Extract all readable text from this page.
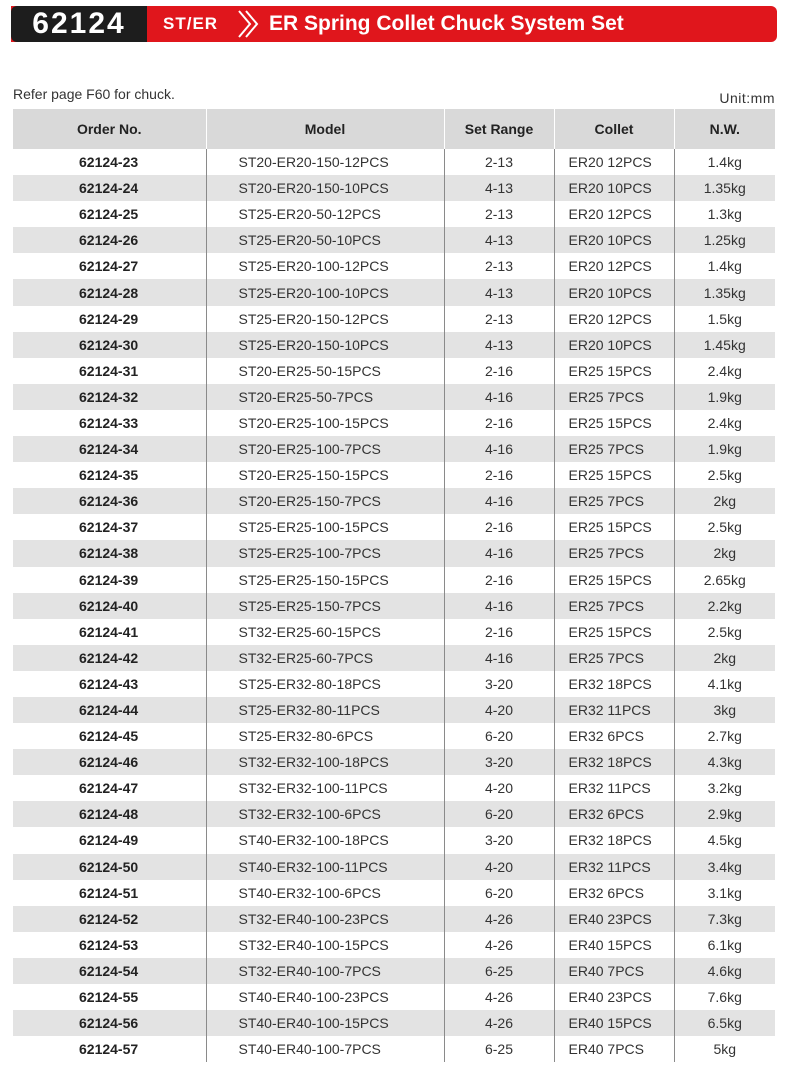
62124	ST/ER ER Spring Collet Chuck System Set
Refer page F60 for chuck.	Unit:mm
Order No.	Model	Set Range	Collet	N.W.
62124-23	ST20-ER20-150-12PCS	2-13	ER20 12PCS	1.4kg
62124-24	ST20-ER20-150-10PCS	4-13	ER20 10PCS	1.35kg
62124-25	ST25-ER20-50-12PCS	2-13	ER20 12PCS	1.3kg
62124-26	ST25-ER20-50-10PCS	4-13	ER20 10PCS	1.25kg
62124-27	ST25-ER20-100-12PCS	2-13	ER20 12PCS	1.4kg
62124-28	ST25-ER20-100-10PCS	4-13	ER20 10PCS	1.35kg
62124-29	ST25-ER20-150-12PCS	2-13	ER20 12PCS	1.5kg
62124-30	ST25-ER20-150-10PCS	4-13	ER20 10PCS	1.45kg
62124-31	ST20-ER25-50-15PCS	2-16	ER25 15PCS	2.4kg
62124-32	ST20-ER25-50-7PCS	4-16	ER25 7PCS	1.9kg
62124-33	ST20-ER25-100-15PCS	2-16	ER25 15PCS	2.4kg
62124-34	ST20-ER25-100-7PCS	4-16	ER25 7PCS	1.9kg
62124-35	ST20-ER25-150-15PCS	2-16	ER25 15PCS	2.5kg
62124-36	ST20-ER25-150-7PCS	4-16	ER25 7PCS	2kg
62124-37	ST25-ER25-100-15PCS	2-16	ER25 15PCS	2.5kg
62124-38	ST25-ER25-100-7PCS	4-16	ER25 7PCS	2kg
62124-39	ST25-ER25-150-15PCS	2-16	ER25 15PCS	2.65kg
62124-40	ST25-ER25-150-7PCS	4-16	ER25 7PCS	2.2kg
62124-41	ST32-ER25-60-15PCS	2-16	ER25 15PCS	2.5kg
62124-42	ST32-ER25-60-7PCS	4-16	ER25 7PCS	2kg
62124-43	ST25-ER32-80-18PCS	3-20	ER32 18PCS	4.1kg
62124-44	ST25-ER32-80-11PCS	4-20	ER32 11PCS	3kg
62124-45	ST25-ER32-80-6PCS	6-20	ER32 6PCS	2.7kg
62124-46	ST32-ER32-100-18PCS	3-20	ER32 18PCS	4.3kg
62124-47	ST32-ER32-100-11PCS	4-20	ER32 11PCS	3.2kg
62124-48	ST32-ER32-100-6PCS	6-20	ER32 6PCS	2.9kg
62124-49	ST40-ER32-100-18PCS	3-20	ER32 18PCS	4.5kg
62124-50	ST40-ER32-100-11PCS	4-20	ER32 11PCS	3.4kg
62124-51	ST40-ER32-100-6PCS	6-20	ER32 6PCS	3.1kg
62124-52	ST32-ER40-100-23PCS	4-26	ER40 23PCS	7.3kg
62124-53	ST32-ER40-100-15PCS	4-26	ER40 15PCS	6.1kg
62124-54	ST32-ER40-100-7PCS	6-25	ER40 7PCS	4.6kg
62124-55	ST40-ER40-100-23PCS	4-26	ER40 23PCS	7.6kg
62124-56	ST40-ER40-100-15PCS	4-26	ER40 15PCS	6.5kg
62124-57	ST40-ER40-100-7PCS	6-25	ER40 7PCS	5kg
